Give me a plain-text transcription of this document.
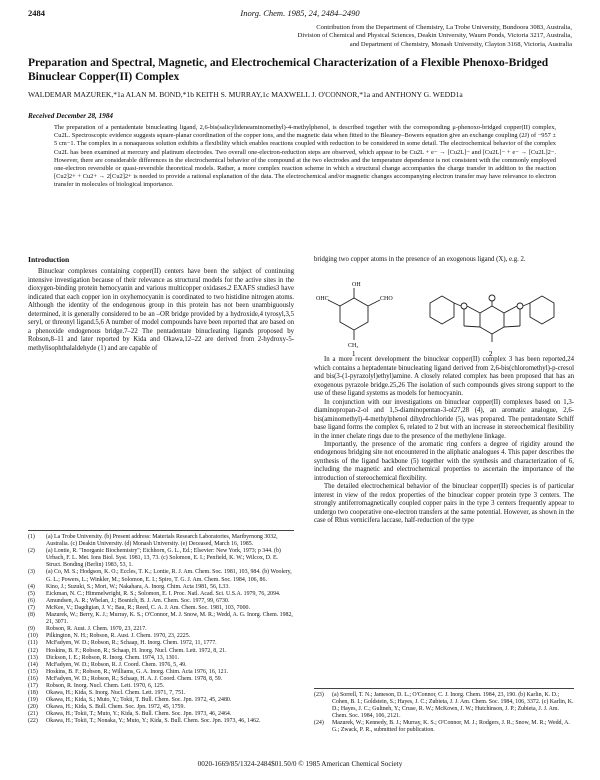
2484	Inorg. Chem. 1985, 24, 2484–2490
Contribution from the Department of Chemistry, La Trobe University, Bundoora 3083, Australia,
Division of Chemical and Physical Sciences, Deakin University, Waurn Ponds, Victoria 3217, Australia,
and Department of Chemistry, Monash University, Clayton 3168, Victoria, Australia
Preparation and Spectral, Magnetic, and Electrochemical Characterization of a Flexible Phenoxo-Bridged Binuclear Copper(II) Complex
WALDEMAR MAZUREK,*1a ALAN M. BOND,*1b KEITH S. MURRAY,1c MAXWELL J. O'CONNOR,*1a and ANTHONY G. WEDD1a
Received December 28, 1984
The preparation of a pentadentate binucleating ligand, 2,6-bis(salicylideneaminomethyl)-4-methylphenol, is described together with the corresponding μ-phenoxo-bridged copper(II) complex, Cu2L. Spectroscopic evidence suggests square-planar coordination of the copper ions, and the magnetic data when fitted to the Bleaney–Bowers equation give an exchange coupling (2J) of −957 ± 5 cm−1. The complex in a nonaqueous solution exhibits a flexibility which enables reactions coupled with reduction to be considered in some detail. The electrochemical behavior of the complex Cu2L has been examined at mercury and platinum electrodes. Two overall one-electron-reduction steps are observed, which appear to be Cu2L + e− → [Cu2L]− and [Cu2L]− + e− → [Cu2L]2−. However, there are considerable differences in the electrochemical behavior of the compound at the two electrodes and the temperature dependence is not consistent with the commonly employed one-electron reversible or quasi-reversible theoretical models. Rather, a more complex reaction scheme in which a structural change accompanies the charge transfer in addition to the reaction [Cu2]2+ + Cu2+ → 2[Cu2]2+ is needed to provide a rational explanation of the data. The electrochemical and/or magnetic changes accompanying electron transfer may have relevance to electron transfer in molecules of biological importance.
Introduction

Binuclear complexes containing copper(II) centers have been the subject of continuing intensive investigation because of their relevance as structural models for the active sites in the dioxygen-binding protein hemocyanin and various multicopper oxidases.2 EXAFS studies3 have indicated that each copper ion in oxyhemocyanin is coordinated to two histidine nitrogen atoms. Although the identity of the endogenous group in this protein has not been unambiguously determined, it is generally considered to be an –OR bridge provided by a hydroxide,4 tyrosyl,3,5 seryl, or threonyl ligand.5,6 A number of model compounds have been reported that are based on a phenoxide endogenous bridge.7–22 The pentadentate binucleating ligands proposed by Robson,8–11 and later reported by Kida and Okawa,12–22 are derived from 2-hydroxy-5-methylisophthalaldehyde (1) and are capable of

bridging two copper atoms in the presence of an exogenous ligand (X), e.g. 2.

In a more recent development the binuclear copper(II) complex 3 has been reported,24 which contains a heptadentate binucleating ligand derived from 2,6-bis(chloromethyl)-p-cresol and bis(3-(1-pyrazolyl)ethyl)amine. A closely related complex has been proposed that has an exogenous pyrazole bridge.25,26 The isolation of such compounds gives strong support to the use of these ligand systems as models for hemocyanin.

In conjunction with our investigations on binuclear copper(II) complexes based on 1,3-diaminopropan-2-ol and 1,5-diaminopentan-3-ol27,28 (4), an aromatic analogue, 2,6-bis(aminomethyl)-4-methylphenol dihydrochloride (5), was prepared. The pentadentate Schiff base ligand forms the complex 6, related to 2 but with an increase in stereochemical flexibility in the inner chelate rings due to the presence of the methylene linkage.

Importantly, the presence of the aromatic ring confers a degree of rigidity around the endogenous bridging site not encountered in the aliphatic analogues 4. This paper describes the synthesis of the ligand backbone (5) together with the synthesis and characterization of 6, including the magnetic and electrochemical properties to ascertain the importance of the introduction of stereochemical flexibility.

The detailed electrochemical behavior of the binuclear copper(II) species is of particular interest in view of the redox properties of the binuclear copper protein type 3 centers. The strongly antiferromagnetically coupled copper pairs in the type 3 centers frequently appear to undergo two cooperative one-electron transfers at the same potential. However, as shown in the case of Rhus vernicifera laccase, half-reduction of the type

OH
OHC	CHO
CH₃
1	2
(1)	(a) La Trobe University. (b) Present address: Materials Research Laboratories, Maribyrnong 3032, Australia. (c) Deakin University. (d) Monash University. (e) Deceased, March 16, 1985.
(2)	(a) Lontie, R. "Inorganic Biochemistry"; Eichhorn, G. L., Ed.; Elsevier: New York, 1973; p 344. (b) Urbach, F. L. Met. Ions Biol. Syst. 1981, 13, 73. (c) Solomon, E. I.; Penfield, K. W.; Wilcox, D. E. Struct. Bonding (Berlin) 1983, 53, 1.
(3)	(a) Co, M. S.; Hodgson, K. O.; Eccles, T. K.; Lontie, R. J. Am. Chem. Soc. 1981, 103, 984. (b) Woolery, G. L.; Powers, L.; Winkler, M.; Solomon, E. I.; Spiro, T. G. J. Am. Chem. Soc. 1984, 106, 86.
(4)	Kino, J.; Suzuki, S.; Mori, W.; Nakahara, A. Inorg. Chim. Acta 1981, 56, L33.
(5)	Eickman, N. C.; Himmelwright, R. S.; Solomon, E. I. Proc. Natl. Acad. Sci. U.S.A. 1979, 76, 2094.
(6)	Amundsen, A. R.; Whelan, J.; Bosnich, B. J. Am. Chem. Soc. 1977, 99, 6730.
(7)	McKee, V.; Dagdigian, J. V.; Bau, R.; Reed, C. A. J. Am. Chem. Soc. 1981, 103, 7000.
(8)	Mazurek, W.; Berry, K. J.; Murray, K. S.; O'Connor, M. J. Snow, M. R.; Wedd, A. G. Inorg. Chem. 1982, 21, 3071.
(9)	Robson, R. Aust. J. Chem. 1970, 23, 2217.
(10)	Pilkington, N. H.; Robson, R. Aust. J. Chem. 1970, 23, 2225.
(11)	McFadyen, W. D.; Robson, R.; Schaap, H. Inorg. Chem. 1972, 11, 1777.
(12)	Hoskins, B. F.; Robson, R.; Schaap, H. Inorg. Nucl. Chem. Lett. 1972, 8, 21.
(13)	Dickson, I. E.; Robson, R. Inorg. Chem. 1974, 13, 1301.
(14)	McFadyen, W. D.; Robson, R. J. Coord. Chem. 1976, 5, 49.
(15)	Hoskins, B. F.; Robson, R.; Williams, G. A. Inorg. Chim. Acta 1976, 16, 121.
(16)	McFadyen, W. D.; Robson, R.; Schaap, H. A. J. Coord. Chem. 1978, 8, 59.
(17)	Robson, R. Inorg. Nucl. Chem. Lett. 1970, 6, 125.
(18)	Okawa, H.; Kida, S. Inorg. Nucl. Chem. Lett. 1971, 7, 751.
(19)	Okawa, H.; Kida, S.; Muto, Y.; Tokii, T. Bull. Chem. Soc. Jpn. 1972, 45, 2480.
(20)	Okawa, H.; Kida, S. Bull. Chem. Soc. Jpn. 1972, 45, 1759.
(21)	Okawa, H.; Tokii, T.; Muto, Y.; Kida, S. Bull. Chem. Soc. Jpn. 1973, 46, 2464.
(22)	Okawa, H.; Tokii, T.; Nonaka, Y.; Muto, Y.; Kida, S. Bull. Chem. Soc. Jpn. 1973, 46, 1462.
(23)	(a) Sorrell, T. N.; Jameson, D. L.; O'Connor, C. J. Inorg. Chem. 1984, 23, 190. (b) Karlin, K. D.; Cohen, B. I.; Goldstein, S.; Hayes, J. C.; Zubieta, J. J. Am. Chem. Soc. 1984, 106, 3372. (c) Karlin, K. D.; Hayes, J. C.; Gultneh, Y.; Cruse, R. W.; McKown, J. W.; Hutchinson, J. P.; Zubieta, J. J. Am. Chem. Soc. 1984, 106, 2121.
(24)	Mazurek, W.; Kennedy, B. J.; Murray, K. S.; O'Connor, M. J.; Rodgers, J. R.; Snow, M. R.; Wedd, A. G.; Zwack, P. R., submitted for publication.
0020-1669/85/1324-2484$01.50/0 © 1985 American Chemical Society
